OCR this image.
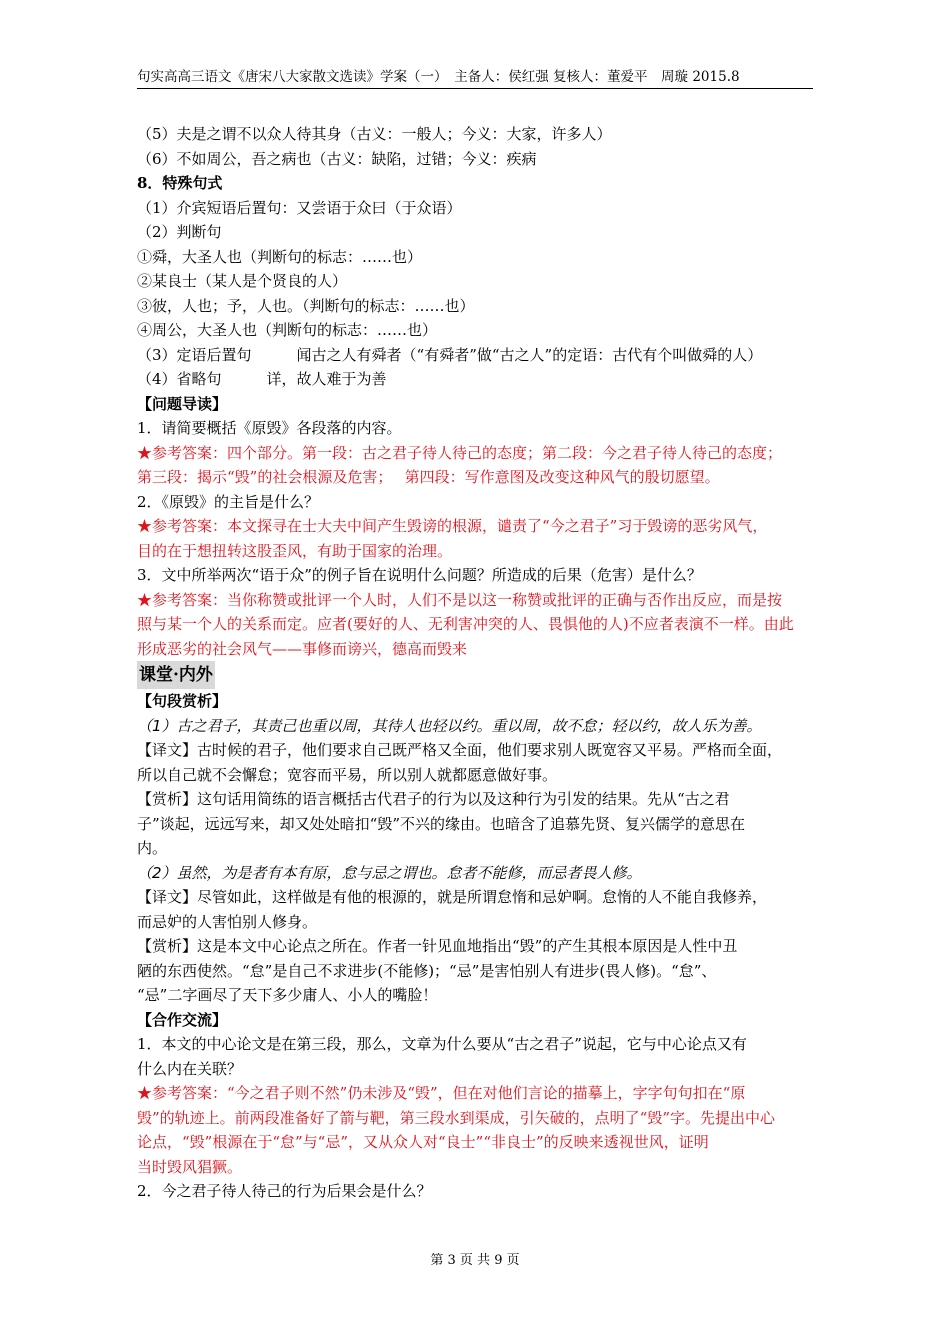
句实高高三语文《唐宋八大家散文选读》学案（一）　主备人：侯红强 复核人：董爱平　周璇 2015.8
（5）夫是之谓不以众人待其身（古义：一般人；今义：大家，许多人）
（6）不如周公，吾之病也（古义：缺陷，过错；今义：疾病
8．特殊句式
（1）介宾短语后置句：又尝语于众曰（于众语）
（2）判断句
①舜，大圣人也（判断句的标志：……也）
②某良士（某人是个贤良的人）
③彼，人也；予，人也。（判断句的标志：……也）
④周公，大圣人也（判断句的标志：……也）
（3）定语后置句　　　闻古之人有舜者（“有舜者”做“古之人”的定语：古代有个叫做舜的人）
（4）省略句　　　详，故人难于为善
【问题导读】
1．请简要概括《原毁》各段落的内容。
★参考答案：四个部分。第一段：古之君子待人待己的态度；第二段：今之君子待人待己的态度；
第三段：揭示“毁”的社会根源及危害；　 第四段：写作意图及改变这种风气的殷切愿望。
2．《原毁》的主旨是什么？
★参考答案：本文探寻在士大夫中间产生毁谤的根源，谴责了“今之君子”习于毁谤的恶劣风气，
目的在于想扭转这股歪风，有助于国家的治理。
3．文中所举两次“语于众”的例子旨在说明什么问题？所造成的后果（危害）是什么？
★参考答案：当你称赞或批评一个人时，人们不是以这一称赞或批评的正确与否作出反应，而是按
照与某一个人的关系而定。应者(要好的人、无利害冲突的人、畏惧他的人)不应者表演不一样。由此
形成恶劣的社会风气——事修而谤兴，德高而毁来
课堂·内外
【句段赏析】
（1）古之君子，其责己也重以周，其待人也轻以约。重以周，故不怠；轻以约，故人乐为善。
【译文】古时候的君子，他们要求自己既严格又全面，他们要求别人既宽容又平易。严格而全面，
所以自己就不会懈怠；宽容而平易，所以别人就都愿意做好事。
【赏析】这句话用简练的语言概括古代君子的行为以及这种行为引发的结果。先从“古之君
子”谈起，远远写来，却又处处暗扣“毁”不兴的缘由。也暗含了追慕先贤、复兴儒学的意思在
内。
（2）虽然，为是者有本有原，怠与忌之谓也。怠者不能修，而忌者畏人修。
【译文】尽管如此，这样做是有他的根源的，就是所谓怠惰和忌妒啊。怠惰的人不能自我修养，
而忌妒的人害怕别人修身。
【赏析】这是本文中心论点之所在。作者一针见血地指出“毁”的产生其根本原因是人性中丑
陋的东西使然。“怠”是自己不求进步(不能修)；“忌”是害怕别人有进步(畏人修)。“怠”、
“忌”二字画尽了天下多少庸人、小人的嘴脸！
【合作交流】
1．本文的中心论文是在第三段，那么，文章为什么要从“古之君子”说起，它与中心论点又有
什么内在关联？
★参考答案：“今之君子则不然”仍未涉及“毁”，但在对他们言论的描摹上，字字句句扣在“原
毁”的轨迹上。前两段准备好了箭与靶，第三段水到渠成，引矢破的，点明了“毁”字。先提出中心
论点，“毁”根源在于“怠”与“忌”，又从众人对“良士”“非良士”的反映来透视世风，证明
当时毁风猖獗。
2．今之君子待人待己的行为后果会是什么？
第 3 页 共 9 页
